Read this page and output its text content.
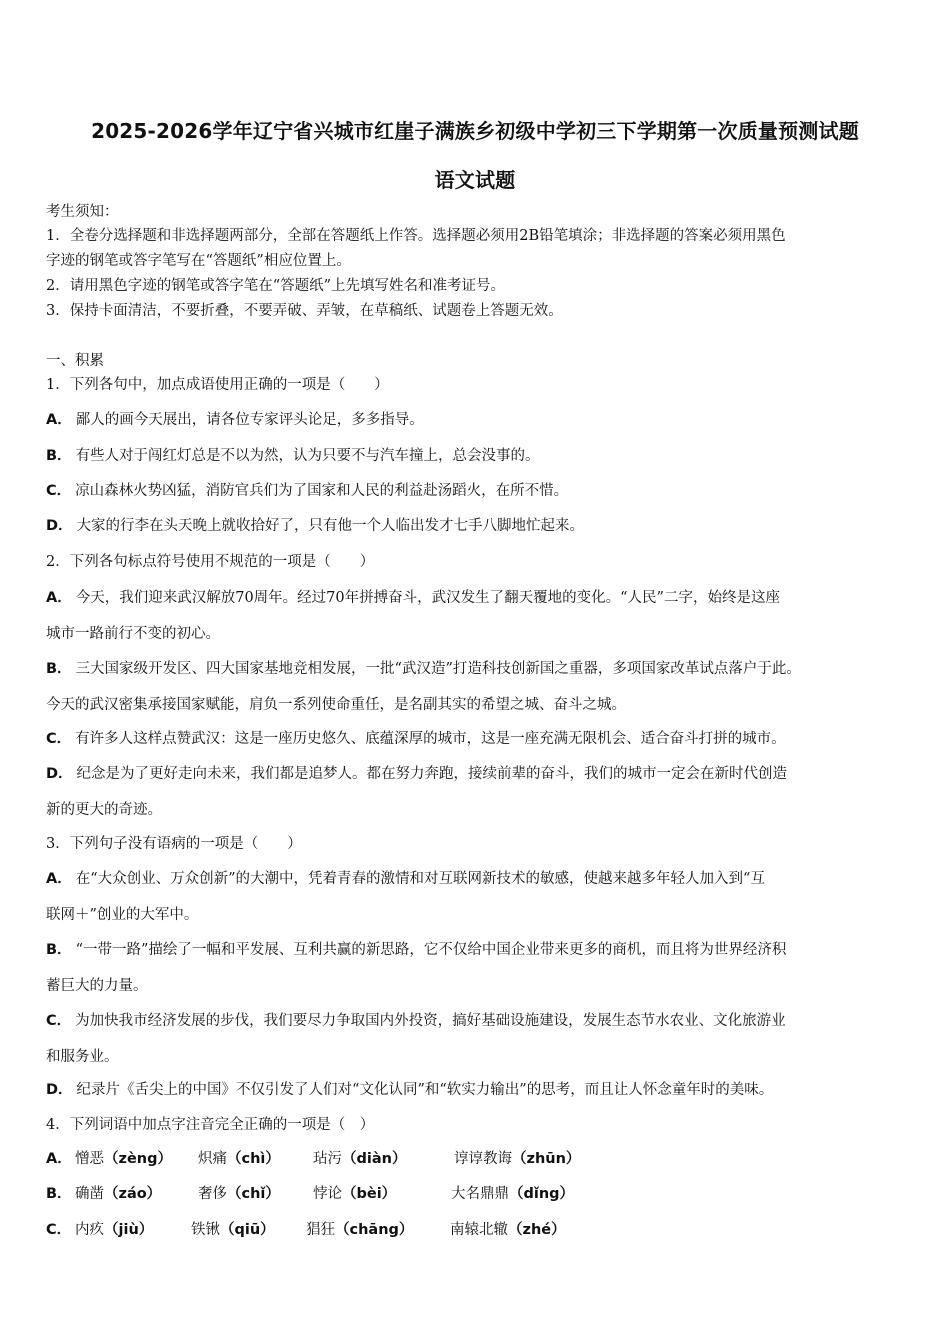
2025-2026学年辽宁省兴城市红崖子满族乡初级中学初三下学期第一次质量预测试题
语文试题
考生须知：
1．全卷分选择题和非选择题两部分，全部在答题纸上作答。选择题必须用2B铅笔填涂；非选择题的答案必须用黑色
字迹的钢笔或答字笔写在“答题纸”相应位置上。
2．请用黑色字迹的钢笔或答字笔在“答题纸”上先填写姓名和准考证号。
3．保持卡面清洁，不要折叠，不要弄破、弄皱，在草稿纸、试题卷上答题无效。
一、积累
1．下列各句中，加点成语使用正确的一项是（　　）
A． 鄙人的画今天展出，请各位专家评头论足，多多指导。
B． 有些人对于闯红灯总是不以为然，认为只要不与汽车撞上，总会没事的。
C． 凉山森林火势凶猛，消防官兵们为了国家和人民的利益赴汤蹈火，在所不惜。
D． 大家的行李在头天晚上就收拾好了，只有他一个人临出发才七手八脚地忙起来。
2．下列各句标点符号使用不规范的一项是（　　）
A． 今天，我们迎来武汉解放70周年。经过70年拼搏奋斗，武汉发生了翻天覆地的变化。“人民”二字，始终是这座
城市一路前行不变的初心。
B． 三大国家级开发区、四大国家基地竞相发展，一批“武汉造”打造科技创新国之重器，多项国家改革试点落户于此。
今天的武汉密集承接国家赋能，肩负一系列使命重任，是名副其实的希望之城、奋斗之城。
C． 有许多人这样点赞武汉：这是一座历史悠久、底蕴深厚的城市，这是一座充满无限机会、适合奋斗打拼的城市。
D． 纪念是为了更好走向未来，我们都是追梦人。都在努力奔跑，接续前辈的奋斗，我们的城市一定会在新时代创造
新的更大的奇迹。
3．下列句子没有语病的一项是（　　）
A． 在“大众创业、万众创新”的大潮中，凭着青春的激情和对互联网新技术的敏感，使越来越多年轻人加入到“互
联网＋”创业的大军中。
B． “一带一路”描绘了一幅和平发展、互利共赢的新思路，它不仅给中国企业带来更多的商机，而且将为世界经济积
蓄巨大的力量。
C． 为加快我市经济发展的步伐，我们要尽力争取国内外投资，搞好基础设施建设，发展生态节水农业、文化旅游业
和服务业。
D． 纪录片《舌尖上的中国》不仅引发了人们对“文化认同”和“软实力输出”的思考，而且让人怀念童年时的美味。
4．下列词语中加点字注音完全正确的一项是（　）
A． 憎恶（zèng） 炽痛（chì） 玷污（diàn）	谆谆教诲（zhūn）
B． 确凿（záo）	奢侈（chǐ） 悖论（bèi）	大名鼎鼎（dǐng）
C． 内疚（jiù）	铁锹（qiū） 猖狂（chāng）	南辕北辙（zhé）
